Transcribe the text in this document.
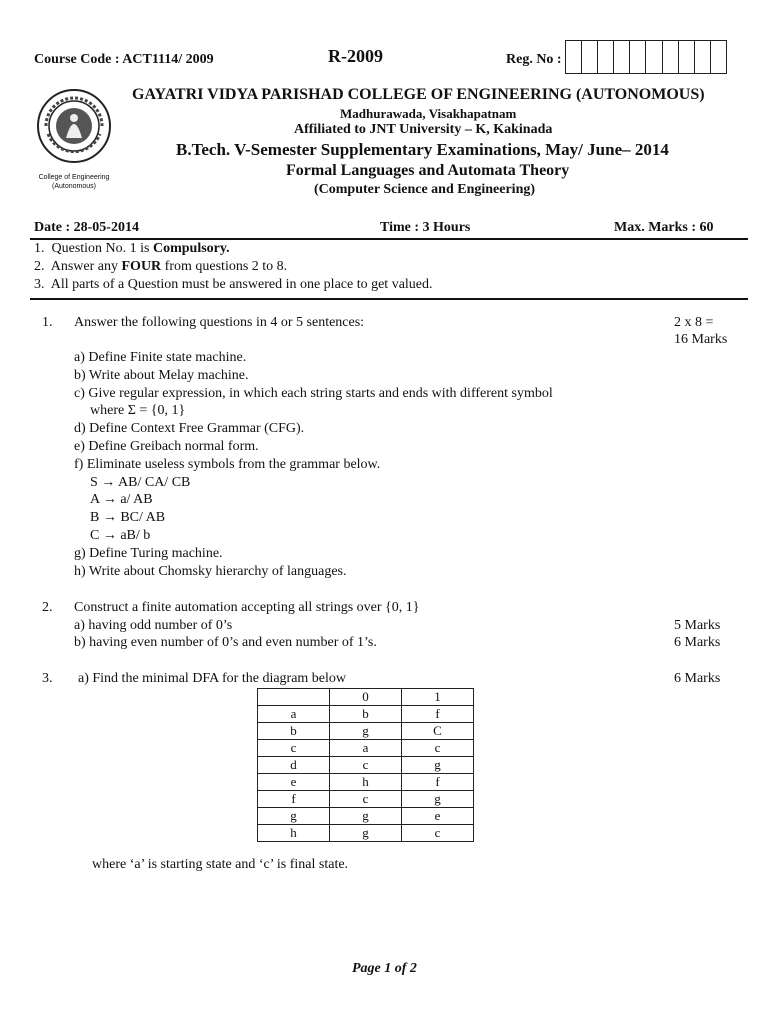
Course Code : ACT1114/ 2009	R-2009	Reg. No :
College of Engineering
(Autonomous)
GAYATRI VIDYA PARISHAD COLLEGE OF ENGINEERING (AUTONOMOUS)
Madhurawada, Visakhapatnam
Affiliated to JNT University – K, Kakinada
B.Tech. V-Semester Supplementary Examinations, May/ June– 2014
Formal Languages and Automata Theory
(Computer Science and Engineering)
Date : 28-05-2014	Time : 3 Hours	Max. Marks : 60
1. Question No. 1 is Compulsory.
2. Answer any FOUR from questions 2 to 8.
3. All parts of a Question must be answered in one place to get valued.
1. Answer the following questions in 4 or 5 sentences:	2 x 8 =
16 Marks
a) Define Finite state machine.
b) Write about Melay machine.
c) Give regular expression, in which each string starts and ends with different symbol
where Σ = {0, 1}
d) Define Context Free Grammar (CFG).
e) Define Greibach normal form.
f) Eliminate useless symbols from the grammar below.
S → AB/ CA/ CB
A → a/ AB
B → BC/ AB
C → aB/ b
g) Define Turing machine.
h) Write about Chomsky hierarchy of languages.
2. Construct a finite automation accepting all strings over {0, 1}
a) having odd number of 0’s	5 Marks
b) having even number of 0’s and even number of 1’s.	6 Marks
3. a) Find the minimal DFA for the diagram below	6 Marks
	0	1
a	b	f
b	g	C
c	a	c
d	c	g
e	h	f
f	c	g
g	g	e
h	g	c
where ‘a’ is starting state and ‘c’ is final state.
Page 1 of 2
